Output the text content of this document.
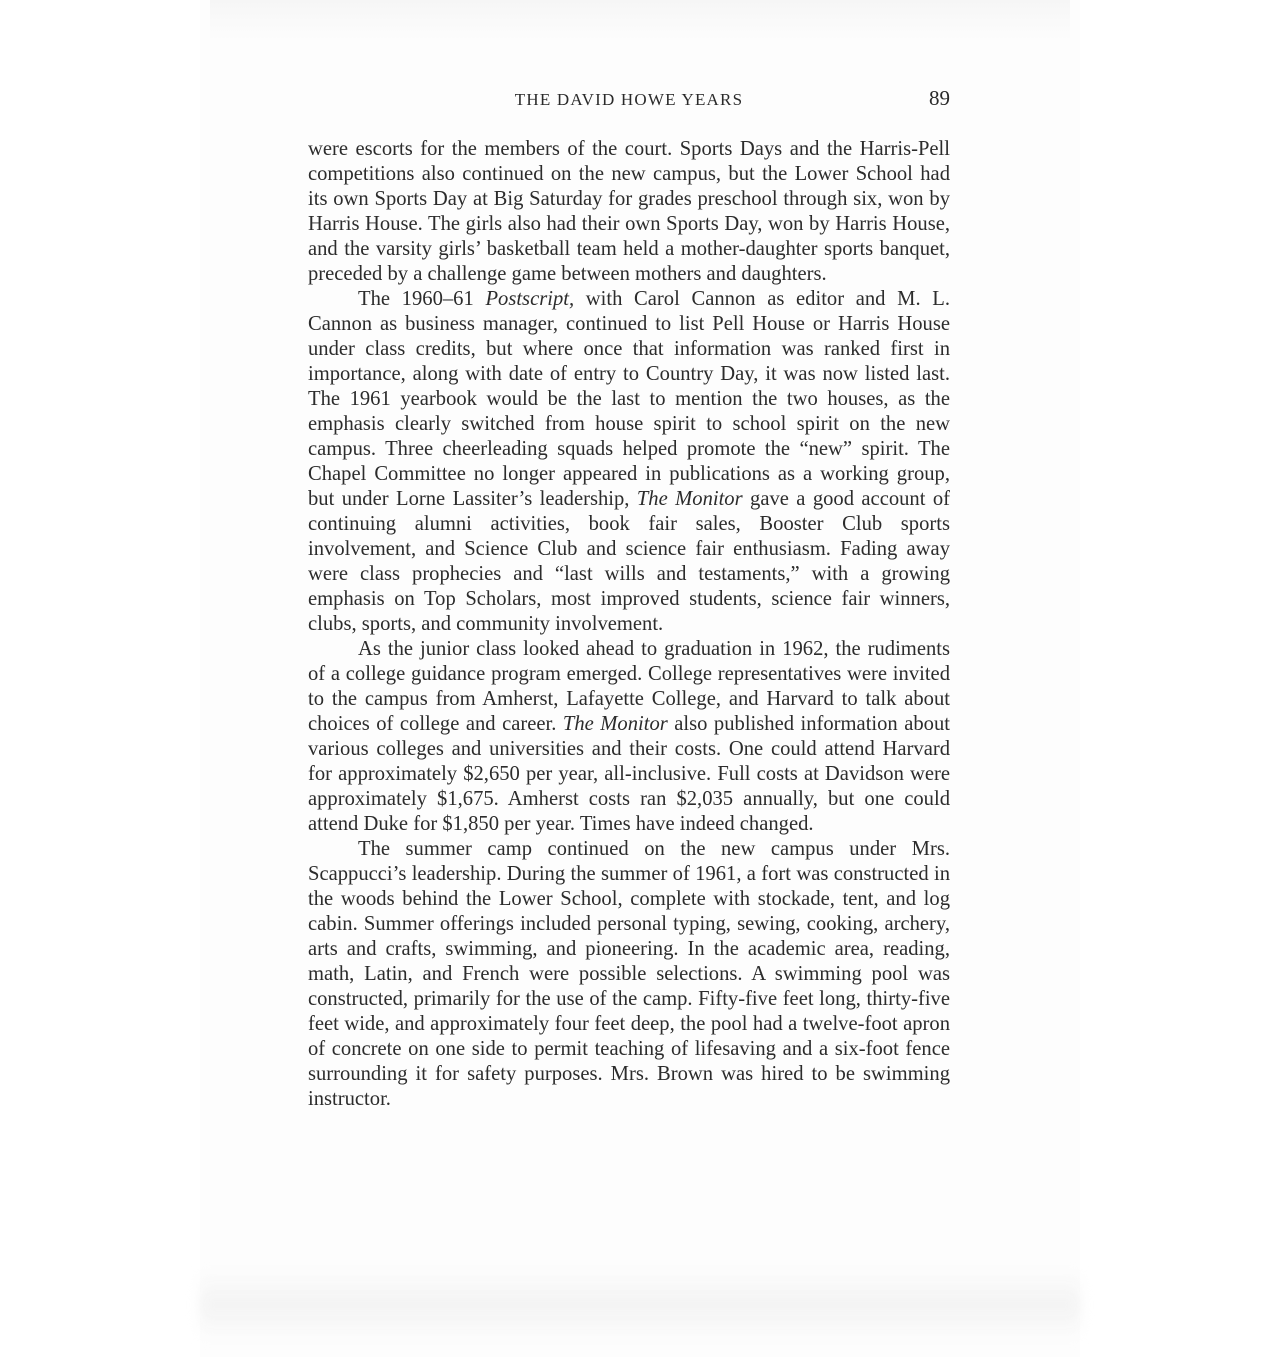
THE DAVID HOWE YEARS	89

were escorts for the members of the court. Sports Days and the Harris-Pell competitions also continued on the new campus, but the Lower School had its own Sports Day at Big Saturday for grades preschool through six, won by Harris House. The girls also had their own Sports Day, won by Harris House, and the varsity girls’ basketball team held a mother-daughter sports banquet, preceded by a challenge game between mothers and daughters.

The 1960–61 Postscript, with Carol Cannon as editor and M. L. Cannon as business manager, continued to list Pell House or Harris House under class credits, but where once that information was ranked first in importance, along with date of entry to Country Day, it was now listed last. The 1961 yearbook would be the last to mention the two houses, as the emphasis clearly switched from house spirit to school spirit on the new campus. Three cheerleading squads helped promote the “new” spirit. The Chapel Committee no longer appeared in publications as a working group, but under Lorne Lassiter’s leadership, The Monitor gave a good account of continuing alumni activities, book fair sales, Booster Club sports involvement, and Science Club and science fair enthusiasm. Fading away were class prophecies and “last wills and testaments,” with a growing emphasis on Top Scholars, most improved students, science fair winners, clubs, sports, and community involvement.

As the junior class looked ahead to graduation in 1962, the rudiments of a college guidance program emerged. College representatives were invited to the campus from Amherst, Lafayette College, and Harvard to talk about choices of college and career. The Monitor also published information about various colleges and universities and their costs. One could attend Harvard for approximately $2,650 per year, all-inclusive. Full costs at Davidson were approximately $1,675. Amherst costs ran $2,035 annually, but one could attend Duke for $1,850 per year. Times have indeed changed.

The summer camp continued on the new campus under Mrs. Scappucci’s leadership. During the summer of 1961, a fort was constructed in the woods behind the Lower School, complete with stockade, tent, and log cabin. Summer offerings included personal typing, sewing, cooking, archery, arts and crafts, swimming, and pioneering. In the academic area, reading, math, Latin, and French were possible selections. A swimming pool was constructed, primarily for the use of the camp. Fifty-five feet long, thirty-five feet wide, and approximately four feet deep, the pool had a twelve-foot apron of concrete on one side to permit teaching of lifesaving and a six-foot fence surrounding it for safety purposes. Mrs. Brown was hired to be swimming instructor.
